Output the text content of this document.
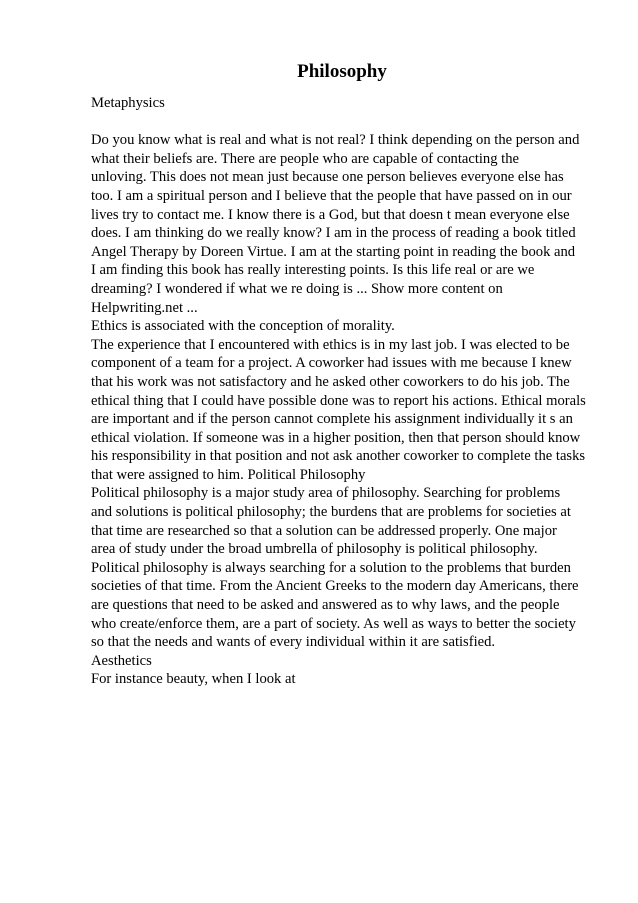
Philosophy
Metaphysics
Do you know what is real and what is not real? I think depending on the person and
what their beliefs are. There are people who are capable of contacting the
unloving. This does not mean just because one person believes everyone else has
too. I am a spiritual person and I believe that the people that have passed on in our
lives try to contact me. I know there is a God, but that doesn t mean everyone else
does. I am thinking do we really know? I am in the process of reading a book titled
Angel Therapy by Doreen Virtue. I am at the starting point in reading the book and
I am finding this book has really interesting points. Is this life real or are we
dreaming? I wondered if what we re doing is ... Show more content on
Helpwriting.net ...
Ethics is associated with the conception of morality.
The experience that I encountered with ethics is in my last job. I was elected to be
component of a team for a project. A coworker had issues with me because I knew
that his work was not satisfactory and he asked other coworkers to do his job. The
ethical thing that I could have possible done was to report his actions. Ethical morals
are important and if the person cannot complete his assignment individually it s an
ethical violation. If someone was in a higher position, then that person should know
his responsibility in that position and not ask another coworker to complete the tasks
that were assigned to him. Political Philosophy
Political philosophy is a major study area of philosophy. Searching for problems
and solutions is political philosophy; the burdens that are problems for societies at
that time are researched so that a solution can be addressed properly. One major
area of study under the broad umbrella of philosophy is political philosophy.
Political philosophy is always searching for a solution to the problems that burden
societies of that time. From the Ancient Greeks to the modern day Americans, there
are questions that need to be asked and answered as to why laws, and the people
who create/enforce them, are a part of society. As well as ways to better the society
so that the needs and wants of every individual within it are satisfied.
Aesthetics
For instance beauty, when I look at
